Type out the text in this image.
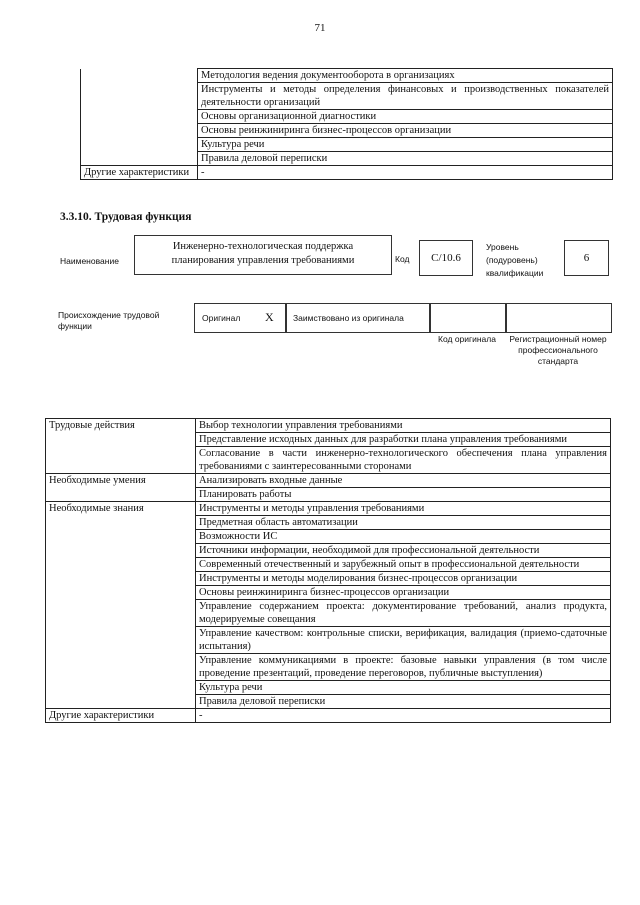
71
	Методология ведения документооборота в организациях
	Инструменты и методы определения финансовых и производственных показателей деятельности организаций
	Основы организационной диагностики
	Основы реинжиниринга бизнес-процессов организации
	Культура речи
	Правила деловой переписки
Другие характеристики	-
3.3.10. Трудовая функция
Наименование
Инженерно-технологическая поддержка планирования управления требованиями	Код	C/10.6
Уровень (подуровень) квалификации
6
Происхождение трудовой функции
Оригинал X Заимствовано из оригинала
Код оригинала	Регистрационный номер профессионального стандарта
Трудовые действия	Выбор технологии управления требованиями
	Представление исходных данных для разработки плана управления требованиями
	Согласование в части инженерно-технологического обеспечения плана управления требованиями с заинтересованными сторонами
Необходимые умения	Анализировать входные данные
	Планировать работы
Необходимые знания	Инструменты и методы управления требованиями
	Предметная область автоматизации
	Возможности ИС
	Источники информации, необходимой для профессиональной деятельности
	Современный отечественный и зарубежный опыт в профессиональной деятельности
	Инструменты и методы моделирования бизнес-процессов организации
	Основы реинжиниринга бизнес-процессов организации
	Управление содержанием проекта: документирование требований, анализ продукта, модерируемые совещания
	Управление качеством: контрольные списки, верификация, валидация (приемо-сдаточные испытания)
	Управление коммуникациями в проекте: базовые навыки управления (в том числе проведение презентаций, проведение переговоров, публичные выступления)
	Культура речи
	Правила деловой переписки
Другие характеристики	-
